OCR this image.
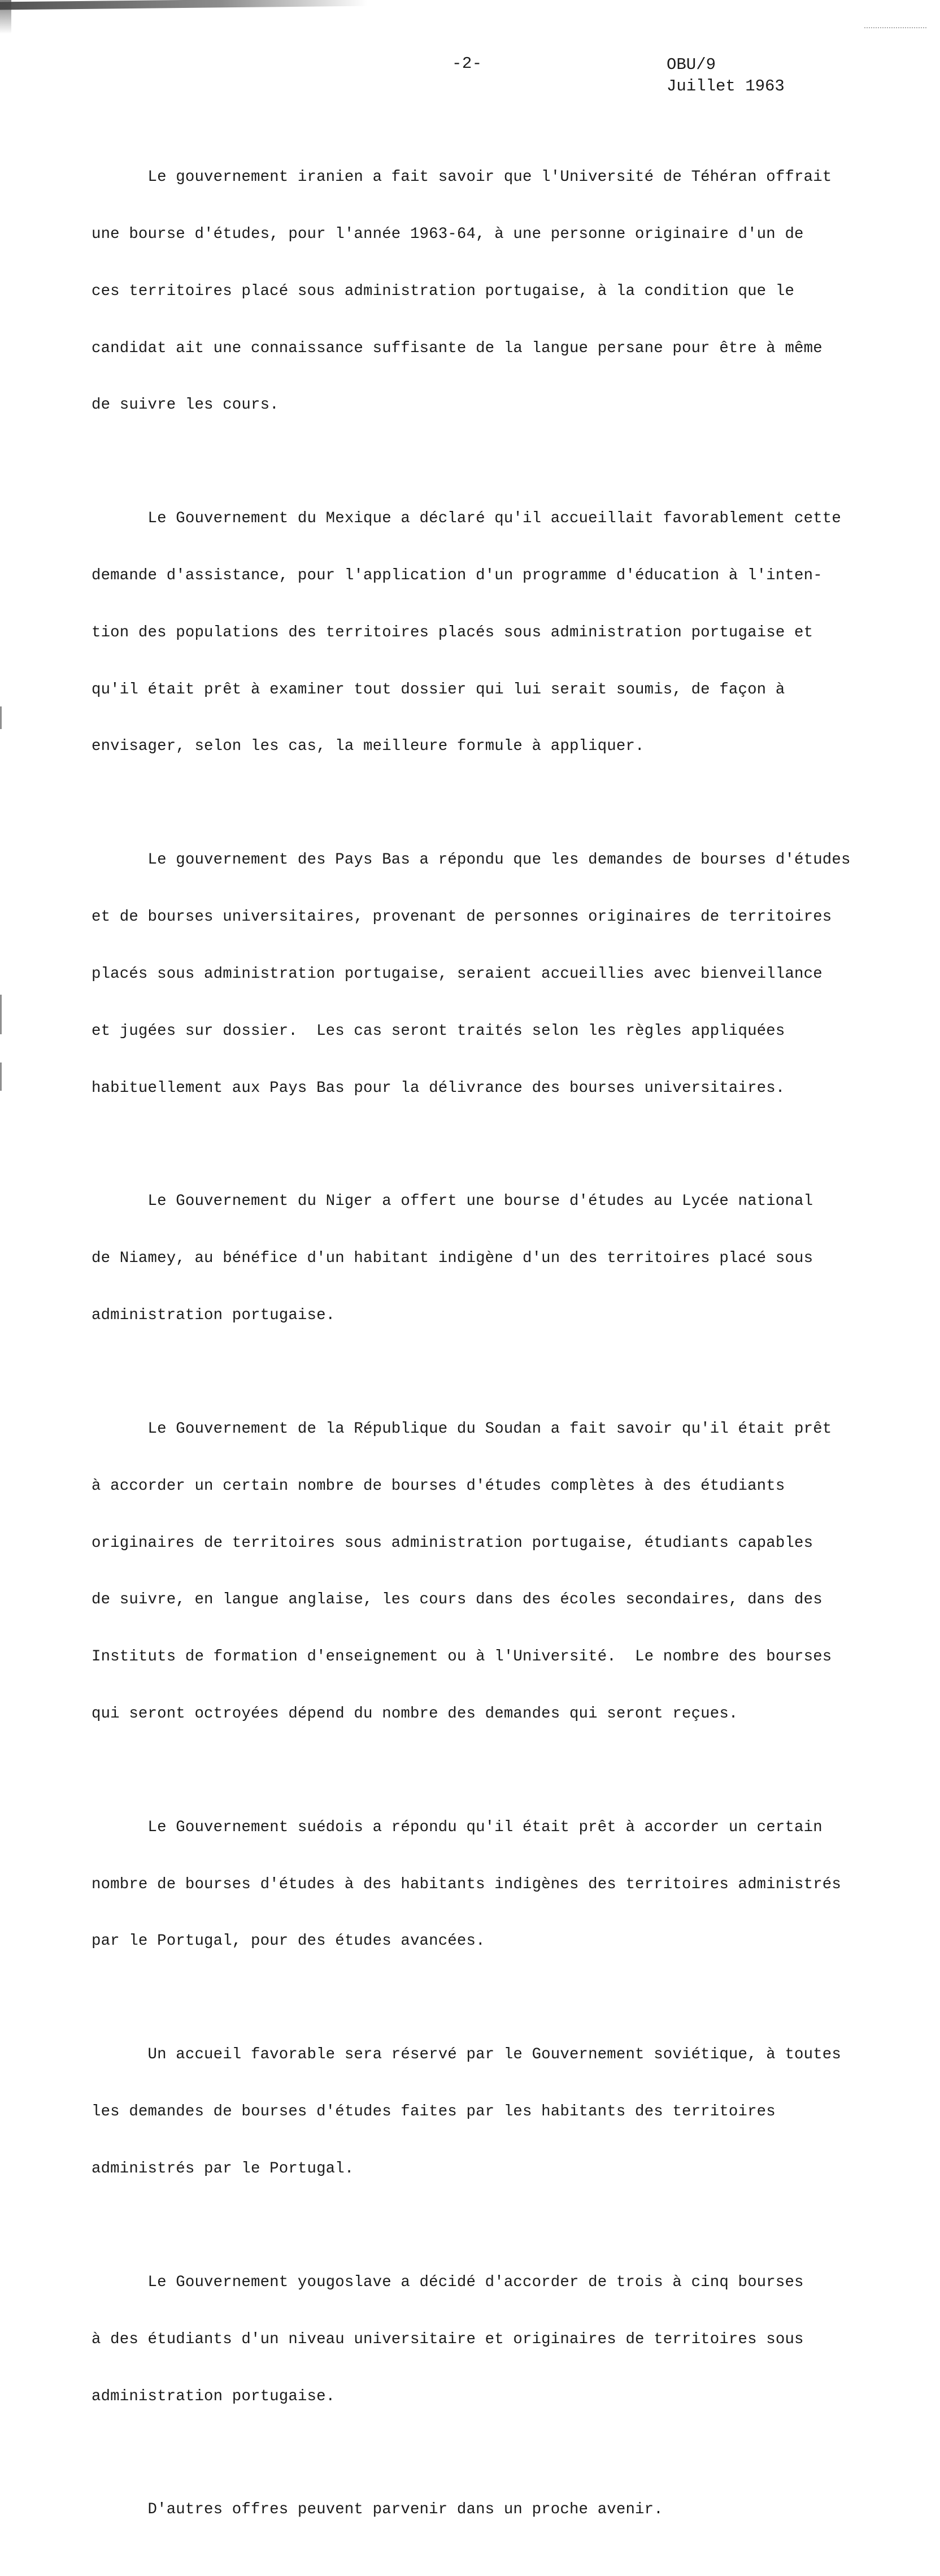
-2-	OBU/9
Juillet 1963

Le gouvernement iranien a fait savoir que l'Université de Téhéran offrait

une bourse d'études, pour l'année 1963-64, à une personne originaire d'un de

ces territoires placé sous administration portugaise, à la condition que le

candidat ait une connaissance suffisante de la langue persane pour être à même

de suivre les cours.

Le Gouvernement du Mexique a déclaré qu'il accueillait favorablement cette

demande d'assistance, pour l'application d'un programme d'éducation à l'inten-

tion des populations des territoires placés sous administration portugaise et

qu'il était prêt à examiner tout dossier qui lui serait soumis, de façon à

envisager, selon les cas, la meilleure formule à appliquer.

Le gouvernement des Pays Bas a répondu que les demandes de bourses d'études

et de bourses universitaires, provenant de personnes originaires de territoires

placés sous administration portugaise, seraient accueillies avec bienveillance

et jugées sur dossier.  Les cas seront traités selon les règles appliquées

habituellement aux Pays Bas pour la délivrance des bourses universitaires.

Le Gouvernement du Niger a offert une bourse d'études au Lycée national

de Niamey, au bénéfice d'un habitant indigène d'un des territoires placé sous

administration portugaise.

Le Gouvernement de la République du Soudan a fait savoir qu'il était prêt

à accorder un certain nombre de bourses d'études complètes à des étudiants

originaires de territoires sous administration portugaise, étudiants capables

de suivre, en langue anglaise, les cours dans des écoles secondaires, dans des

Instituts de formation d'enseignement ou à l'Université.  Le nombre des bourses

qui seront octroyées dépend du nombre des demandes qui seront reçues.

Le Gouvernement suédois a répondu qu'il était prêt à accorder un certain

nombre de bourses d'études à des habitants indigènes des territoires administrés

par le Portugal, pour des études avancées.

Un accueil favorable sera réservé par le Gouvernement soviétique, à toutes

les demandes de bourses d'études faites par les habitants des territoires

administrés par le Portugal.

Le Gouvernement yougoslave a décidé d'accorder de trois à cinq bourses

à des étudiants d'un niveau universitaire et originaires de territoires sous

administration portugaise.

D'autres offres peuvent parvenir dans un proche avenir.
